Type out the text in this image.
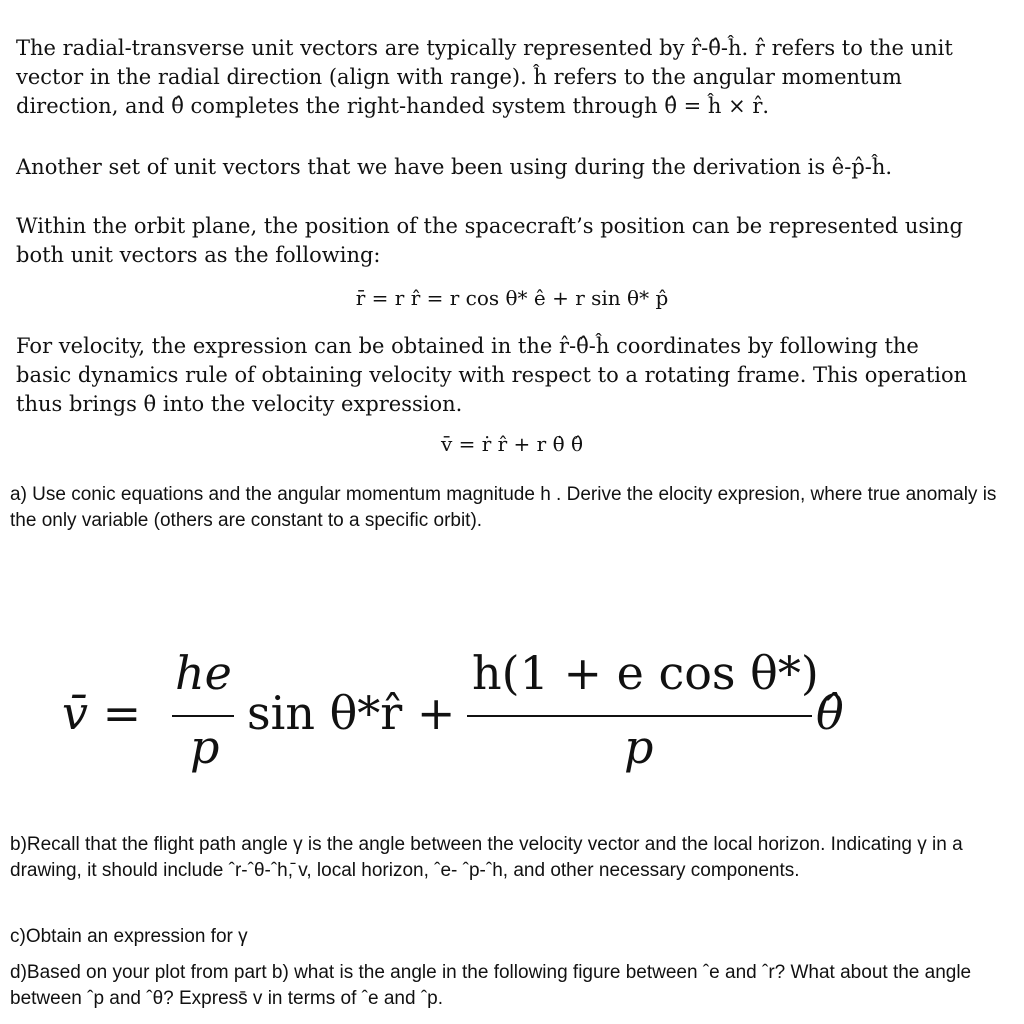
The radial-transverse unit vectors are typically represented by r̂-θ̂-ĥ. r̂ refers to the unit vector in the radial direction (align with range). ĥ refers to the angular momentum direction, and θ̂ completes the right-handed system through θ̂ = ĥ × r̂.
Another set of unit vectors that we have been using during the derivation is ê-p̂-ĥ.
Within the orbit plane, the position of the spacecraft’s position can be represented using both unit vectors as the following:
r̄ = r r̂ = r cos θ* ê + r sin θ* p̂
For velocity, the expression can be obtained in the r̂-θ̂-ĥ coordinates by following the basic dynamics rule of obtaining velocity with respect to a rotating frame. This operation thus brings θ̇ into the velocity expression.
v̄ = ṙ r̂ + r θ̇ θ̂
a) Use conic equations and the angular momentum magnitude h . Derive the elocity expresion, where true anomaly is the only variable (others are constant to a specific orbit).
v̄ =
he
p
sin θ*r̂ +
h(1 + e cos θ*)
p
θ̂
b)Recall that the flight path angle γ is the angle between the velocity vector and the local horizon. Indicating γ in a drawing, it should include ˆr-ˆθ-ˆh,̄ v, local horizon, ˆe- ˆp-ˆh, and other necessary components.
c)Obtain an expression for γ
d)Based on your plot from part b) what is the angle in the following figure between ˆe and ˆr? What about the angle between ˆp and ˆθ? Express̄ v in terms of ˆe and ˆp.
